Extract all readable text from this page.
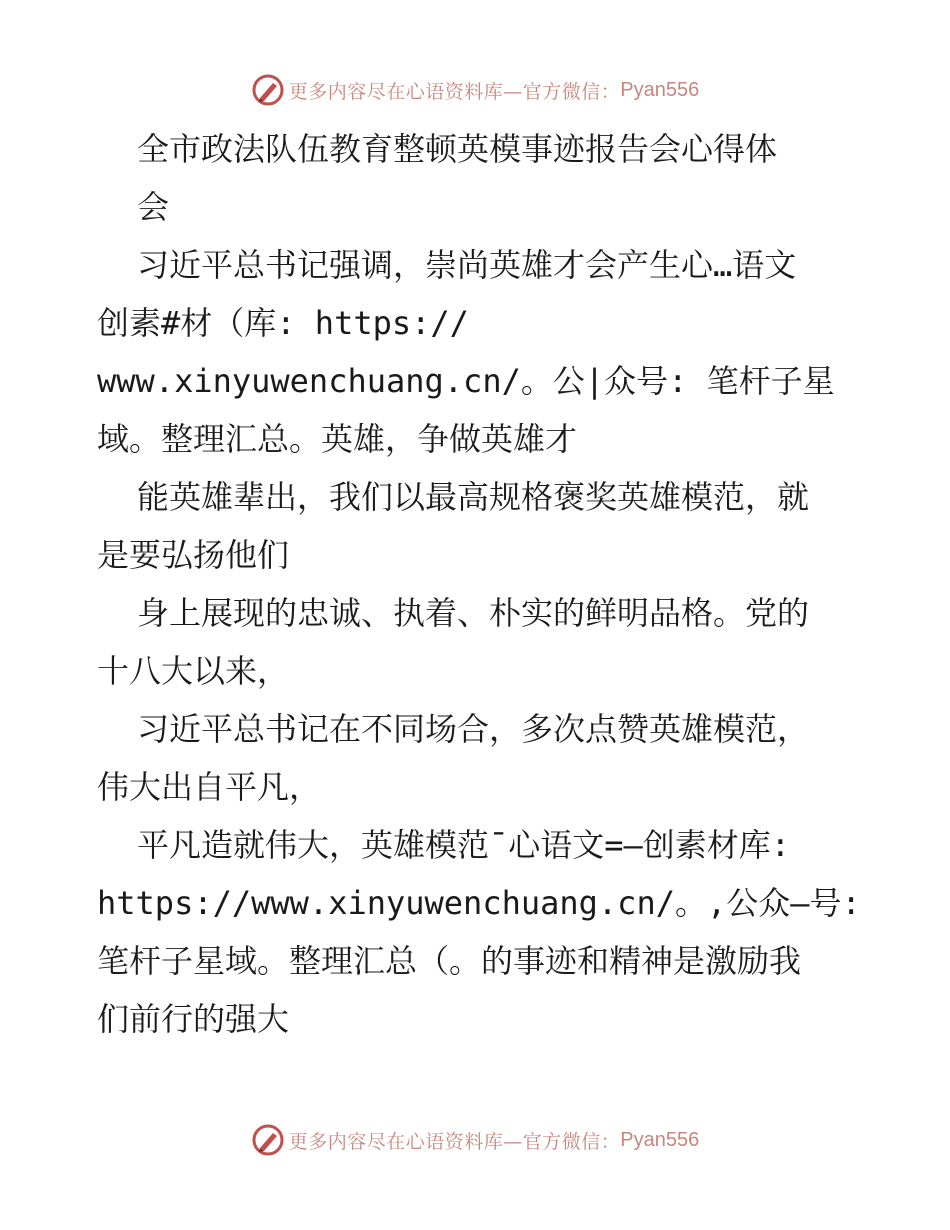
更多内容尽在心语资料库—官方微信： Pyan556
全市政法队伍教育整顿英模事迹报告会心得体
会
习近平总书记强调，崇尚英雄才会产生心…语文
创素#材（库: https://
www.xinyuwenchuang.cn/。公|众号: 笔杆子星
域。整理汇总。英雄，争做英雄才
能英雄辈出，我们以最高规格褒奖英雄模范，就
是要弘扬他们
身上展现的忠诚、执着、朴实的鲜明品格。党的
十八大以来，
习近平总书记在不同场合，多次点赞英雄模范，
伟大出自平凡，
平凡造就伟大，英雄模范¯心语文=—创素材库:
https://www.xinyuwenchuang.cn/。,公众—号:
笔杆子星域。整理汇总（。的事迹和精神是激励我
们前行的强大
更多内容尽在心语资料库—官方微信： Pyan556
